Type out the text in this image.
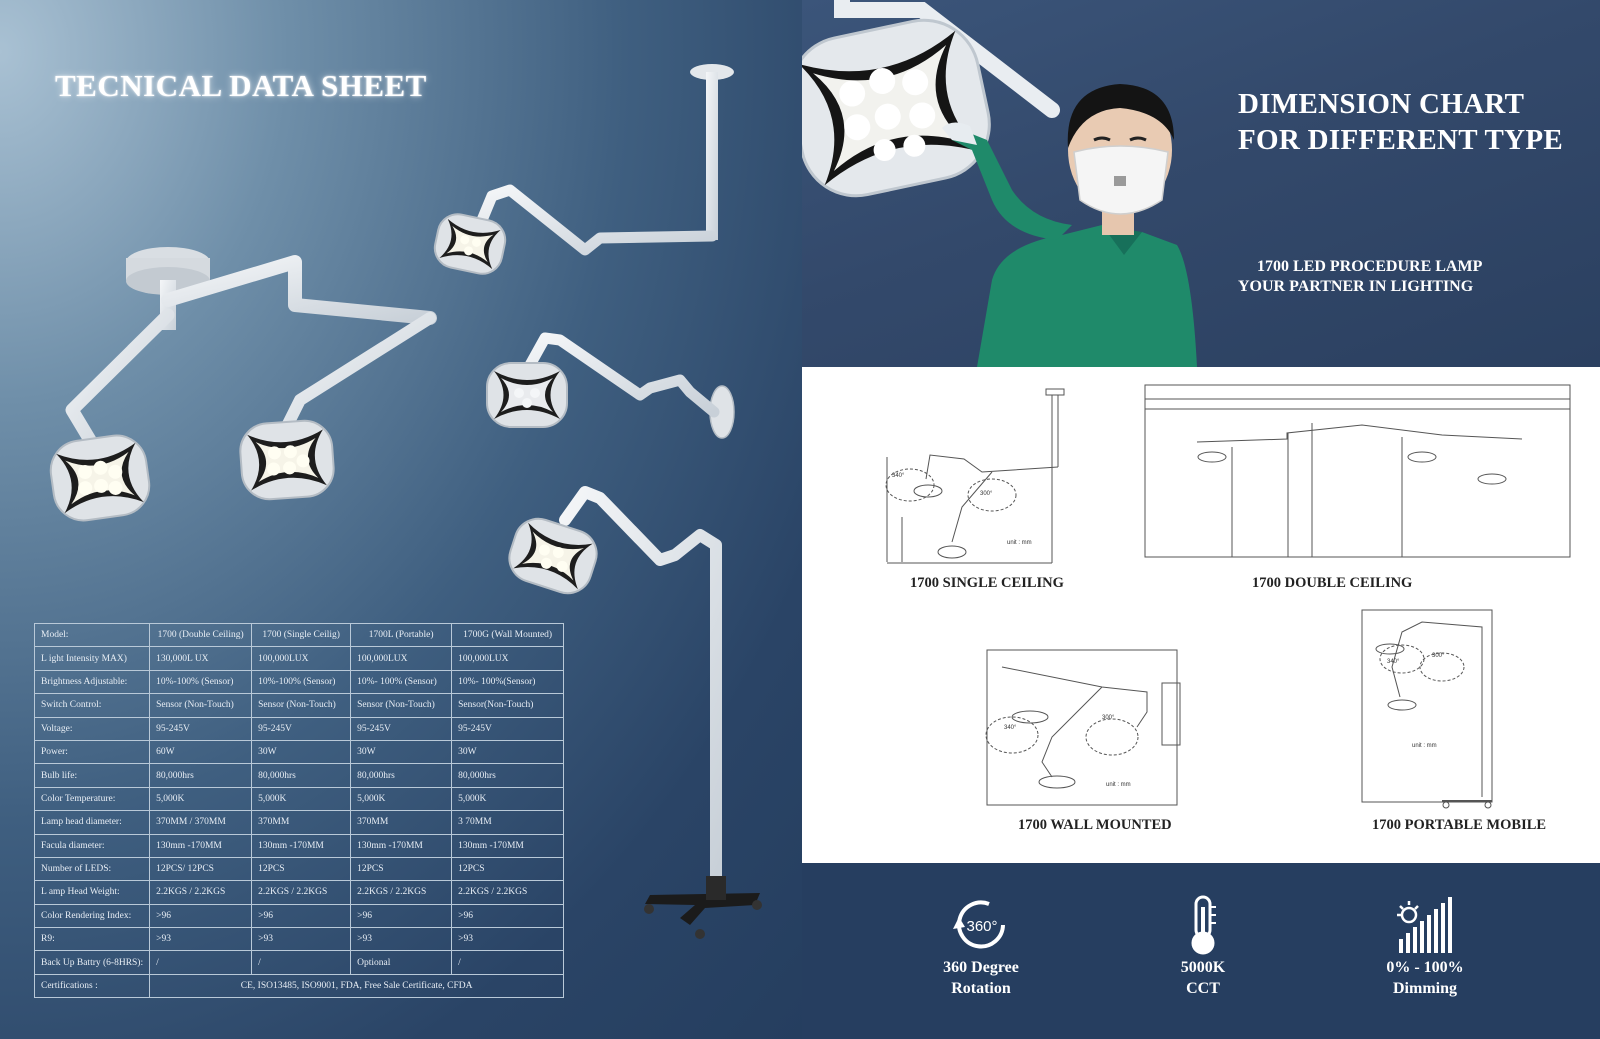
TECNICAL DATA SHEET
Model:	1700 (Double Ceiling)	1700 (Single Ceilig)	1700L (Portable)	1700G (Wall Mounted)
L ight Intensity MAX)	130,000L UX	100,000LUX	100,000LUX	100,000LUX
Brightness Adjustable:	10%-100% (Sensor)	10%-100% (Sensor)	10%- 100% (Sensor)	10%- 100%(Sensor)
Switch Control:	Sensor (Non-Touch)	Sensor (Non-Touch)	Sensor (Non-Touch)	Sensor(Non-Touch)
Voltage:	95-245V	95-245V	95-245V	95-245V
Power:	60W	30W	30W	30W
Bulb life:	80,000hrs	80,000hrs	80,000hrs	80,000hrs
Color Temperature:	5,000K	5,000K	5,000K	5,000K
Lamp head diameter:	370MM / 370MM	370MM	370MM	3 70MM
Facula diameter:	130mm -170MM	130mm -170MM	130mm -170MM	130mm -170MM
Number of LEDS:	12PCS/ 12PCS	12PCS	12PCS	12PCS
L amp Head Weight:	2.2KGS / 2.2KGS	2.2KGS / 2.2KGS	2.2KGS / 2.2KGS	2.2KGS / 2.2KGS
Color Rendering Index:	>96	>96	>96	>96
R9:	>93	>93	>93	>93
Back Up Battry (6-8HRS):	/	/	Optional	/
Certifications :	CE, ISO13485, ISO9001, FDA, Free Sale Certificate, CFDA			
DIMENSION CHART
FOR DIFFERENT TYPE
1700 LED PROCEDURE LAMP
YOUR PARTNER IN LIGHTING
unit : mm
unit : mm
unit : mm
340°
300°
340°
300°
340°
300°
1700 SINGLE CEILING	1700 DOUBLE CEILING
1700 WALL MOUNTED	1700 PORTABLE MOBILE
360°
360 Degree
Rotation
5000K
CCT
0% - 100%
Dimming
